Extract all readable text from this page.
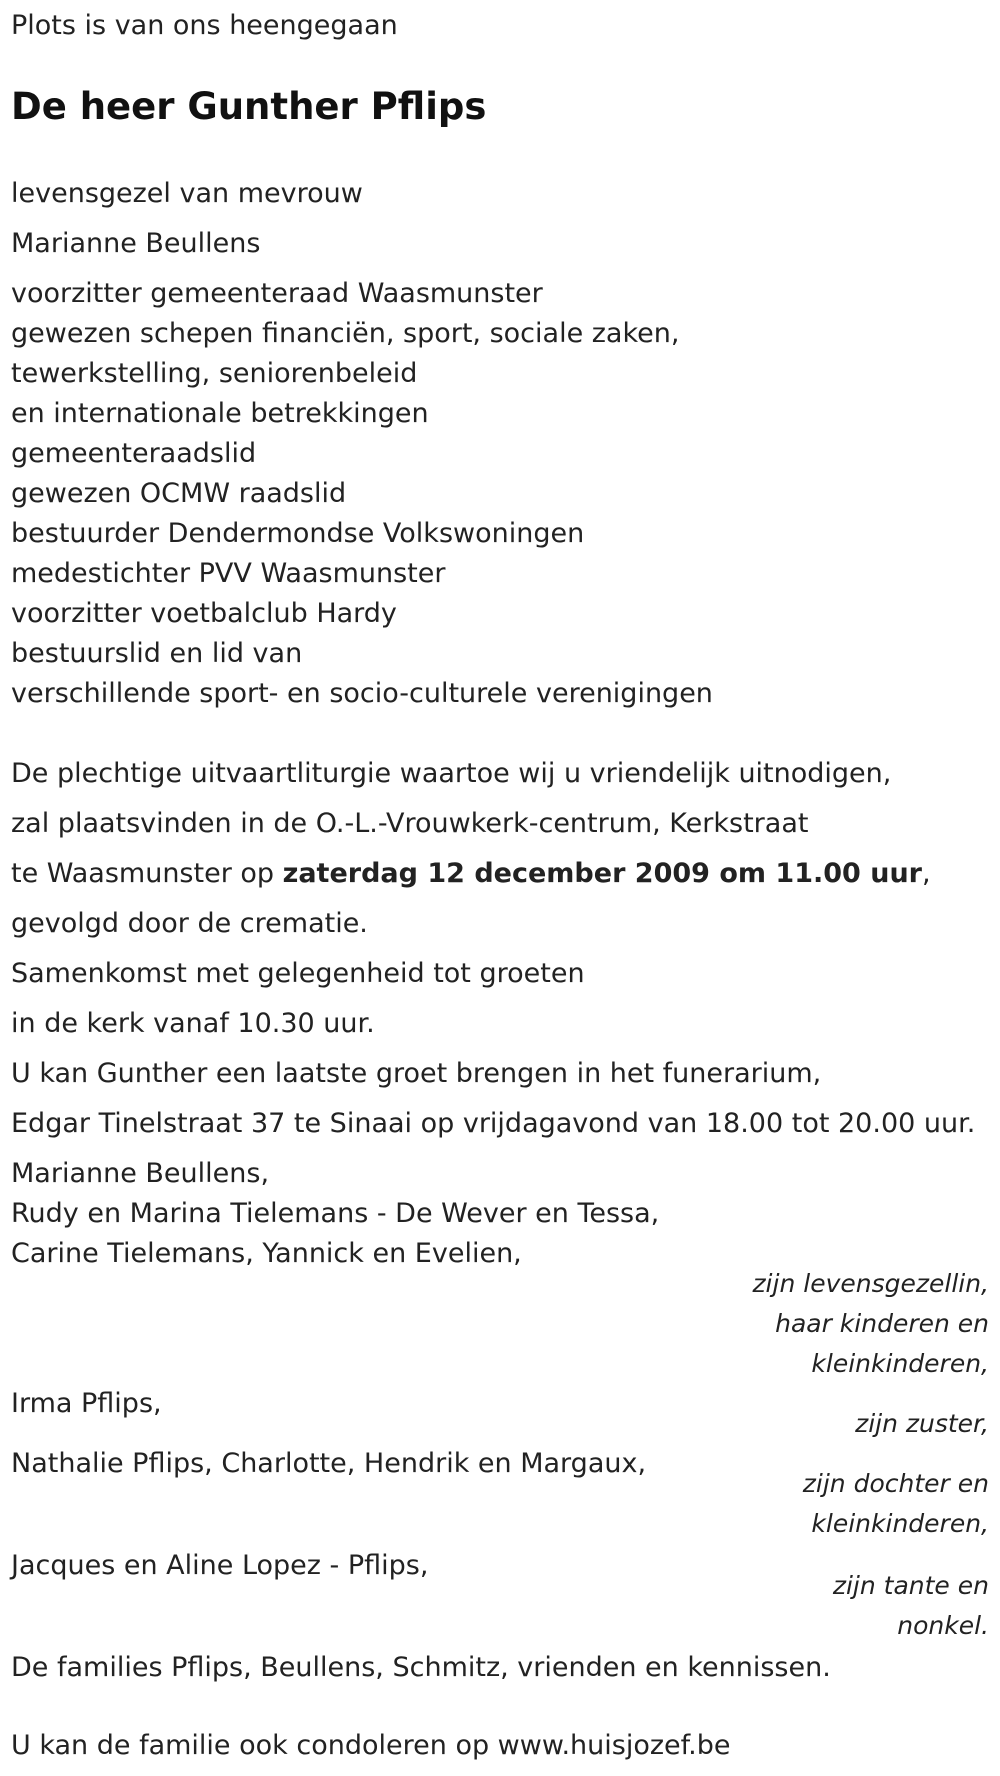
Plots is van ons heengegaan
De heer Gunther Pflips
levensgezel van mevrouw
Marianne Beullens
voorzitter gemeenteraad Waasmunster
gewezen schepen financiën, sport, sociale zaken,
tewerkstelling, seniorenbeleid
en internationale betrekkingen
gemeenteraadslid
gewezen OCMW raadslid
bestuurder Dendermondse Volkswoningen
medestichter PVV Waasmunster
voorzitter voetbalclub Hardy
bestuurslid en lid van
verschillende sport- en socio-culturele verenigingen
De plechtige uitvaartliturgie waartoe wij u vriendelijk uitnodigen,
zal plaatsvinden in de O.-L.-Vrouwkerk-centrum, Kerkstraat
te Waasmunster op zaterdag 12 december 2009 om 11.00 uur,
gevolgd door de crematie.
Samenkomst met gelegenheid tot groeten
in de kerk vanaf 10.30 uur.
U kan Gunther een laatste groet brengen in het funerarium,
Edgar Tinelstraat 37 te Sinaai op vrijdagavond van 18.00 tot 20.00 uur.
Marianne Beullens,
Rudy en Marina Tielemans - De Wever en Tessa,
Carine Tielemans, Yannick en Evelien,
zijn levensgezellin,
haar kinderen en
kleinkinderen,
Irma Pflips,
zijn zuster,
Nathalie Pflips, Charlotte, Hendrik en Margaux,
zijn dochter en
kleinkinderen,
Jacques en Aline Lopez - Pflips,
zijn tante en
nonkel.
De families Pflips, Beullens, Schmitz, vrienden en kennissen.
U kan de familie ook condoleren op www.huisjozef.be
